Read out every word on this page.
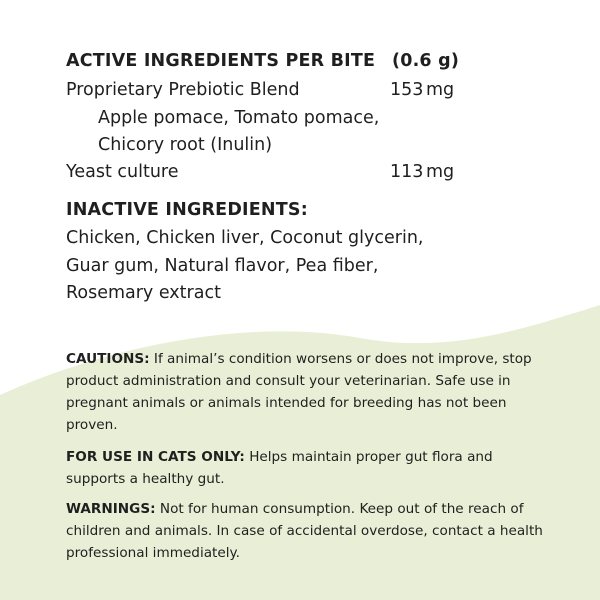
ACTIVE INGREDIENTS PER BITE (0.6 g)
Proprietary Prebiotic Blend	153 mg
Apple pomace, Tomato pomace,
Chicory root (Inulin)
Yeast culture	113 mg
INACTIVE INGREDIENTS:
Chicken, Chicken liver, Coconut glycerin,
Guar gum, Natural flavor, Pea fiber,
Rosemary extract
CAUTIONS: If animal’s condition worsens or does not improve, stop product administration and consult your veterinarian. Safe use in pregnant animals or animals intended for breeding has not been proven.
FOR USE IN CATS ONLY: Helps maintain proper gut flora and supports a healthy gut.
WARNINGS: Not for human consumption. Keep out of the reach of children and animals. In case of accidental overdose, contact a health professional immediately.
